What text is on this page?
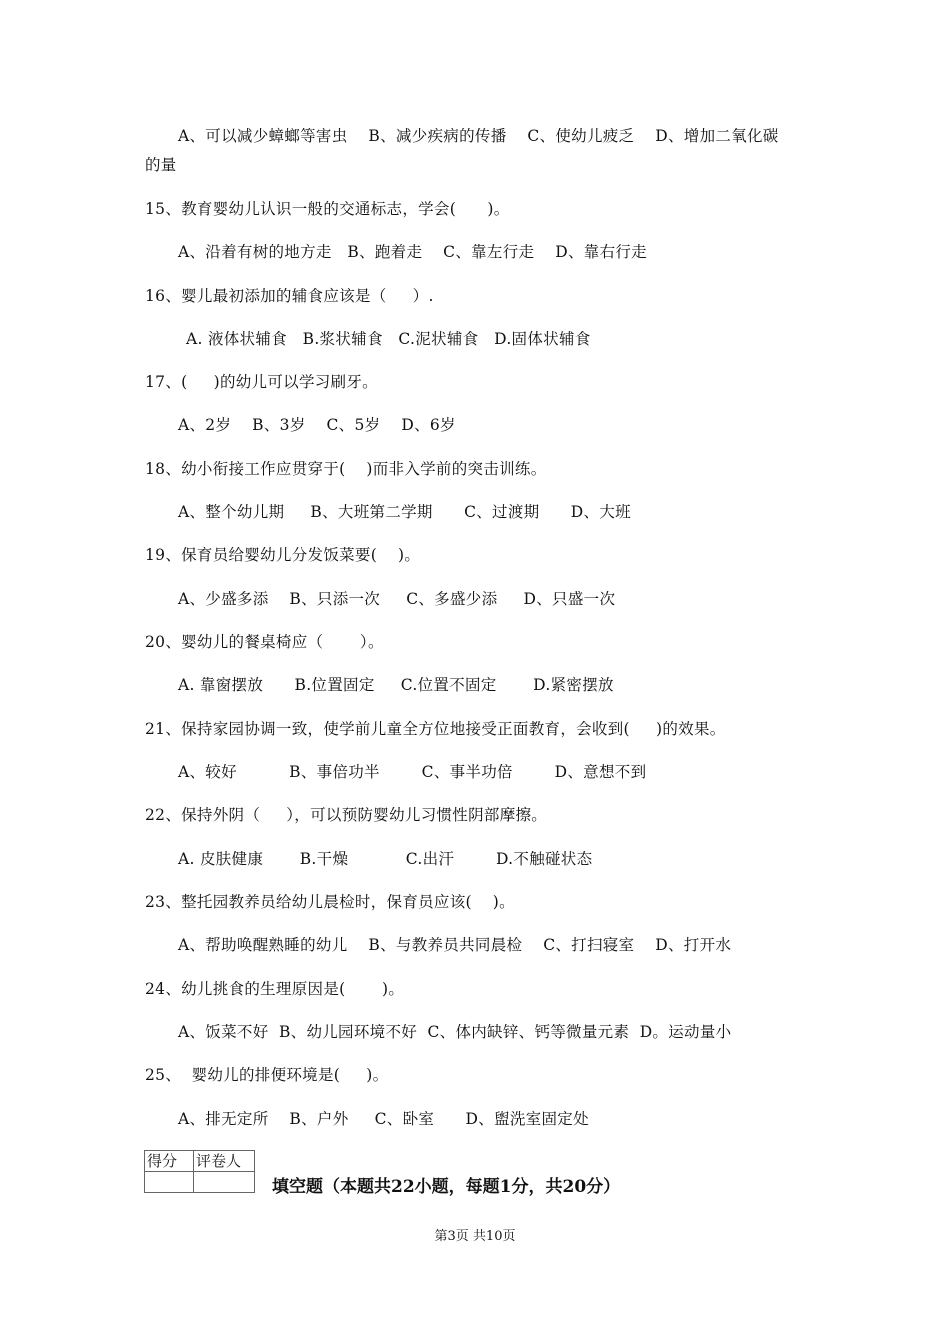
A、可以减少蟑螂等害虫    B、减少疾病的传播    C、使幼儿疲乏    D、增加二氧化碳
的量
15、教育婴幼儿认识一般的交通标志，学会(      )。
A、沿着有树的地方走   B、跑着走    C、靠左行走    D、靠右行走
16、婴儿最初添加的辅食应该是（     ）.
A. 液体状辅食   B.浆状辅食   C.泥状辅食   D.固体状辅食
17、(     )的幼儿可以学习刷牙。
A、2岁    B、3岁    C、5岁    D、6岁
18、幼小衔接工作应贯穿于(    )而非入学前的突击训练。
A、整个幼儿期     B、大班第二学期      C、过渡期      D、大班
19、保育员给婴幼儿分发饭菜要(    )。
A、少盛多添    B、只添一次     C、多盛少添     D、只盛一次
20、婴幼儿的餐桌椅应（       ）。
A. 靠窗摆放      B.位置固定     C.位置不固定       D.紧密摆放
21、保持家园协调一致，使学前儿童全方位地接受正面教育，会收到(     )的效果。
A、较好          B、事倍功半        C、事半功倍        D、意想不到
22、保持外阴（     ），可以预防婴幼儿习惯性阴部摩擦。
A. 皮肤健康       B.干燥           C.出汗        D.不触碰状态
23、整托园教养员给幼儿晨检时，保育员应该(    )。
A、帮助唤醒熟睡的幼儿    B、与教养员共同晨检    C、打扫寝室    D、打开水
24、幼儿挑食的生理原因是(       )。
A、饭菜不好  B、幼儿园环境不好  C、体内缺锌、钙等微量元素  D。运动量小
25、  婴幼儿的排便环境是(     )。
A、排无定所    B、户外     C、卧室      D、盥洗室固定处
得分	评卷人

填空题（本题共22小题，每题1分，共20分）
第3页 共10页
